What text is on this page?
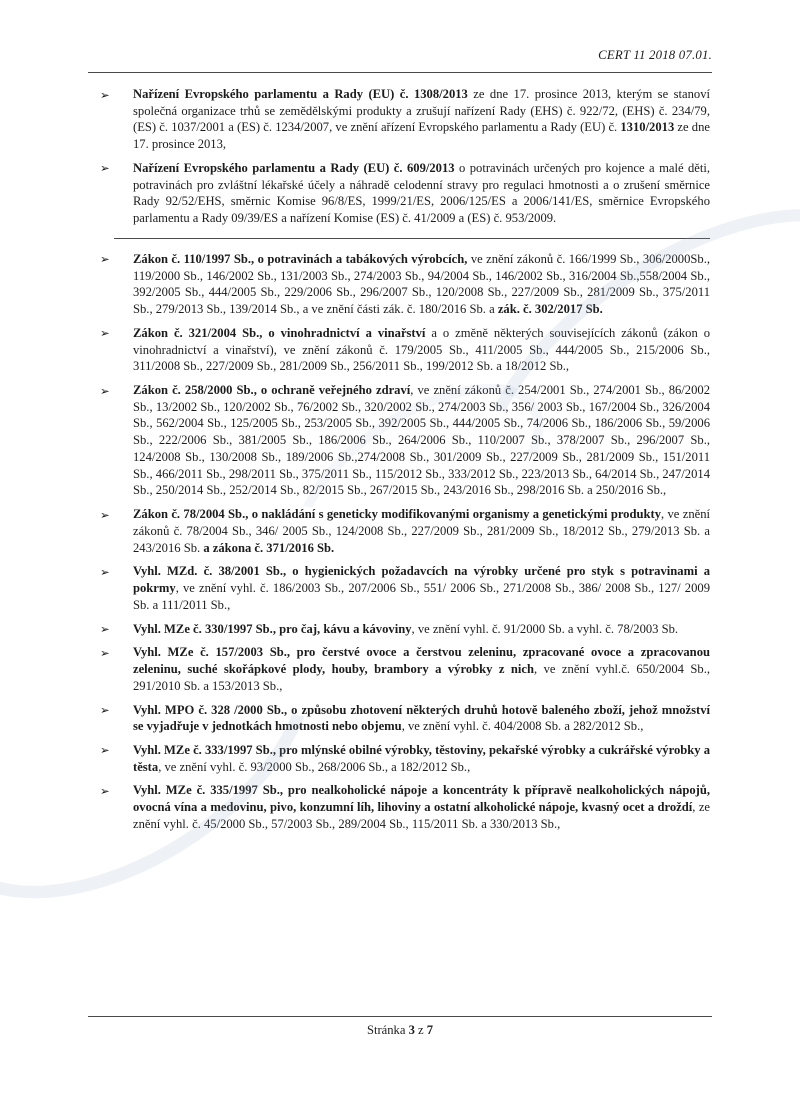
CERT 11 2018 07.01.
➢	Nařízení Evropského parlamentu a Rady (EU) č. 1308/2013 ze dne 17. prosince 2013, kterým se stanoví společná organizace trhů se zemědělskými produkty a zrušují nařízení Rady (EHS) č. 922/72, (EHS) č. 234/79, (ES) č. 1037/2001 a (ES) č. 1234/2007, ve znění ařízení Evropského parlamentu a Rady (EU) č. 1310/2013 ze dne 17. prosince 2013,
➢	Nařízení Evropského parlamentu a Rady (EU) č. 609/2013 o potravinách určených pro kojence a malé děti, potravinách pro zvláštní lékařské účely a náhradě celodenní stravy pro regulaci hmotnosti a o zrušení směrnice Rady 92/52/EHS, směrnic Komise 96/8/ES, 1999/21/ES, 2006/125/ES a 2006/141/ES, směrnice Evropského parlamentu a Rady 09/39/ES a nařízení Komise (ES) č. 41/2009 a (ES) č. 953/2009.
➢	Zákon č. 110/1997 Sb., o potravinách a tabákových výrobcích, ve znění zákonů č. 166/1999 Sb., 306/2000Sb., 119/2000 Sb., 146/2002 Sb., 131/2003 Sb., 274/2003 Sb., 94/2004 Sb., 146/2002 Sb., 316/2004 Sb.,558/2004 Sb., 392/2005 Sb., 444/2005 Sb., 229/2006 Sb., 296/2007 Sb., 120/2008 Sb., 227/2009 Sb., 281/2009 Sb., 375/2011 Sb., 279/2013 Sb., 139/2014 Sb., a ve znění části zák. č. 180/2016 Sb. a zák. č. 302/2017 Sb.
➢	Zákon č. 321/2004 Sb., o vinohradnictví a vinařství a o změně některých souvisejících zákonů (zákon o vinohradnictví a vinařství), ve znění zákonů č. 179/2005 Sb., 411/2005 Sb., 444/2005 Sb., 215/2006 Sb., 311/2008 Sb., 227/2009 Sb., 281/2009 Sb., 256/2011 Sb., 199/2012 Sb. a 18/2012 Sb.,
➢	Zákon č. 258/2000 Sb., o ochraně veřejného zdraví, ve znění zákonů č. 254/2001 Sb., 274/2001 Sb., 86/2002 Sb., 13/2002 Sb., 120/2002 Sb., 76/2002 Sb., 320/2002 Sb., 274/2003 Sb., 356/ 2003 Sb., 167/2004 Sb., 326/2004 Sb., 562/2004 Sb., 125/2005 Sb., 253/2005 Sb., 392/2005 Sb., 444/2005 Sb., 74/2006 Sb., 186/2006 Sb., 59/2006 Sb., 222/2006 Sb., 381/2005 Sb., 186/2006 Sb., 264/2006 Sb., 110/2007 Sb., 378/2007 Sb., 296/2007 Sb., 124/2008 Sb., 130/2008 Sb., 189/2006 Sb.,274/2008 Sb., 301/2009 Sb., 227/2009 Sb., 281/2009 Sb., 151/2011 Sb., 466/2011 Sb., 298/2011 Sb., 375/2011 Sb., 115/2012 Sb., 333/2012 Sb., 223/2013 Sb., 64/2014 Sb., 247/2014 Sb., 250/2014 Sb., 252/2014 Sb., 82/2015 Sb., 267/2015 Sb., 243/2016 Sb., 298/2016 Sb. a 250/2016 Sb.,
➢	Zákon č. 78/2004 Sb., o nakládání s geneticky modifikovanými organismy a genetickými produkty, ve znění zákonů č. 78/2004 Sb., 346/ 2005 Sb., 124/2008 Sb., 227/2009 Sb., 281/2009 Sb., 18/2012 Sb., 279/2013 Sb. a 243/2016 Sb. a zákona č. 371/2016 Sb.
➢	Vyhl. MZd. č. 38/2001 Sb., o hygienických požadavcích na výrobky určené pro styk s potravinami a pokrmy, ve znění vyhl. č. 186/2003 Sb., 207/2006 Sb., 551/ 2006 Sb., 271/2008 Sb., 386/ 2008 Sb., 127/ 2009 Sb. a 111/2011 Sb.,
➢	Vyhl. MZe č. 330/1997 Sb., pro čaj, kávu a kávoviny, ve znění vyhl. č. 91/2000 Sb. a vyhl. č. 78/2003 Sb.
➢	Vyhl. MZe č. 157/2003 Sb., pro čerstvé ovoce a čerstvou zeleninu, zpracované ovoce a zpracovanou zeleninu, suché skořápkové plody, houby, brambory a výrobky z nich, ve znění vyhl.č. 650/2004 Sb., 291/2010 Sb. a 153/2013 Sb.,
➢	Vyhl. MPO č. 328 /2000 Sb., o způsobu zhotovení některých druhů hotově baleného zboží, jehož množství se vyjadřuje v jednotkách hmotnosti nebo objemu, ve znění vyhl. č. 404/2008 Sb. a 282/2012 Sb.,
➢	Vyhl. MZe č. 333/1997 Sb., pro mlýnské obilné výrobky, těstoviny, pekařské výrobky a cukrářské výrobky a těsta, ve znění vyhl. č. 93/2000 Sb., 268/2006 Sb., a 182/2012 Sb.,
➢	Vyhl. MZe č. 335/1997 Sb., pro nealkoholické nápoje a koncentráty k přípravě nealkoholických nápojů, ovocná vína a medovinu, pivo, konzumní líh, lihoviny a ostatní alkoholické nápoje, kvasný ocet a droždí, ze znění vyhl. č. 45/2000 Sb., 57/2003 Sb., 289/2004 Sb., 115/2011 Sb. a 330/2013 Sb.,
Stránka 3 z 7
